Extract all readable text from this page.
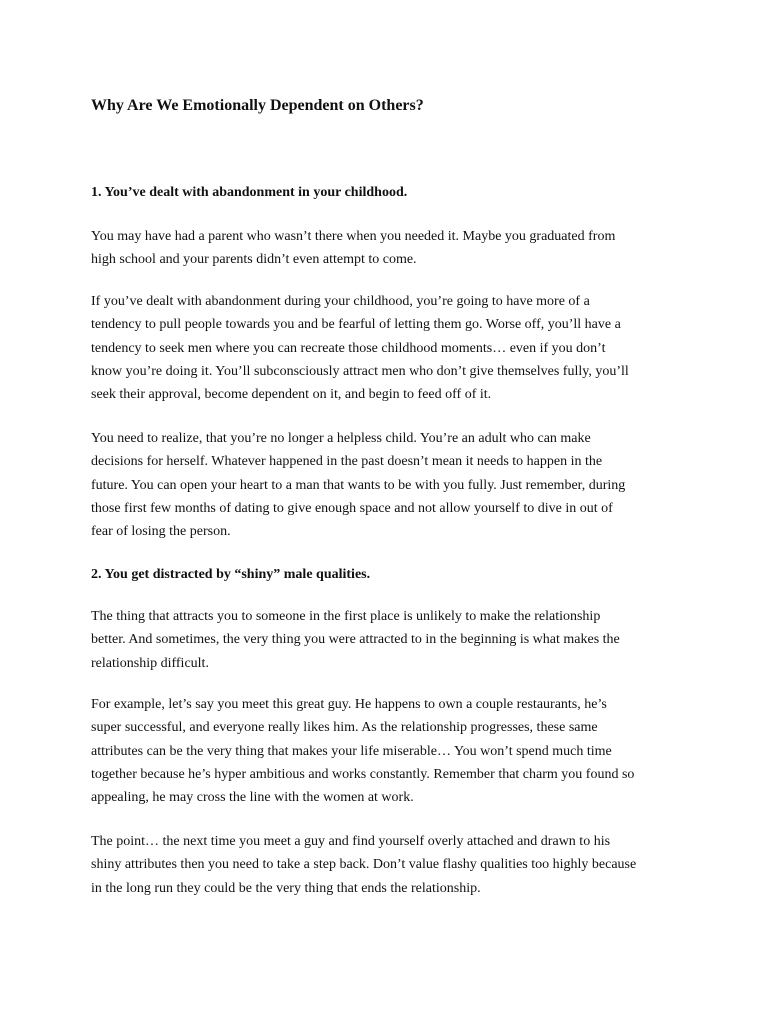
Why Are We Emotionally Dependent on Others?
1. You’ve dealt with abandonment in your childhood.

You may have had a parent who wasn’t there when you needed it. Maybe you graduated from
high school and your parents didn’t even attempt to come.

If you’ve dealt with abandonment during your childhood, you’re going to have more of a
tendency to pull people towards you and be fearful of letting them go. Worse off, you’ll have a
tendency to seek men where you can recreate those childhood moments… even if you don’t
know you’re doing it. You’ll subconsciously attract men who don’t give themselves fully, you’ll
seek their approval, become dependent on it, and begin to feed off of it.

You need to realize, that you’re no longer a helpless child. You’re an adult who can make
decisions for herself. Whatever happened in the past doesn’t mean it needs to happen in the
future. You can open your heart to a man that wants to be with you fully. Just remember, during
those first few months of dating to give enough space and not allow yourself to dive in out of
fear of losing the person.

2. You get distracted by “shiny” male qualities.

The thing that attracts you to someone in the first place is unlikely to make the relationship
better. And sometimes, the very thing you were attracted to in the beginning is what makes the
relationship difficult.

For example, let’s say you meet this great guy. He happens to own a couple restaurants, he’s
super successful, and everyone really likes him. As the relationship progresses, these same
attributes can be the very thing that makes your life miserable… You won’t spend much time
together because he’s hyper ambitious and works constantly. Remember that charm you found so
appealing, he may cross the line with the women at work.

The point… the next time you meet a guy and find yourself overly attached and drawn to his
shiny attributes then you need to take a step back. Don’t value flashy qualities too highly because
in the long run they could be the very thing that ends the relationship.
